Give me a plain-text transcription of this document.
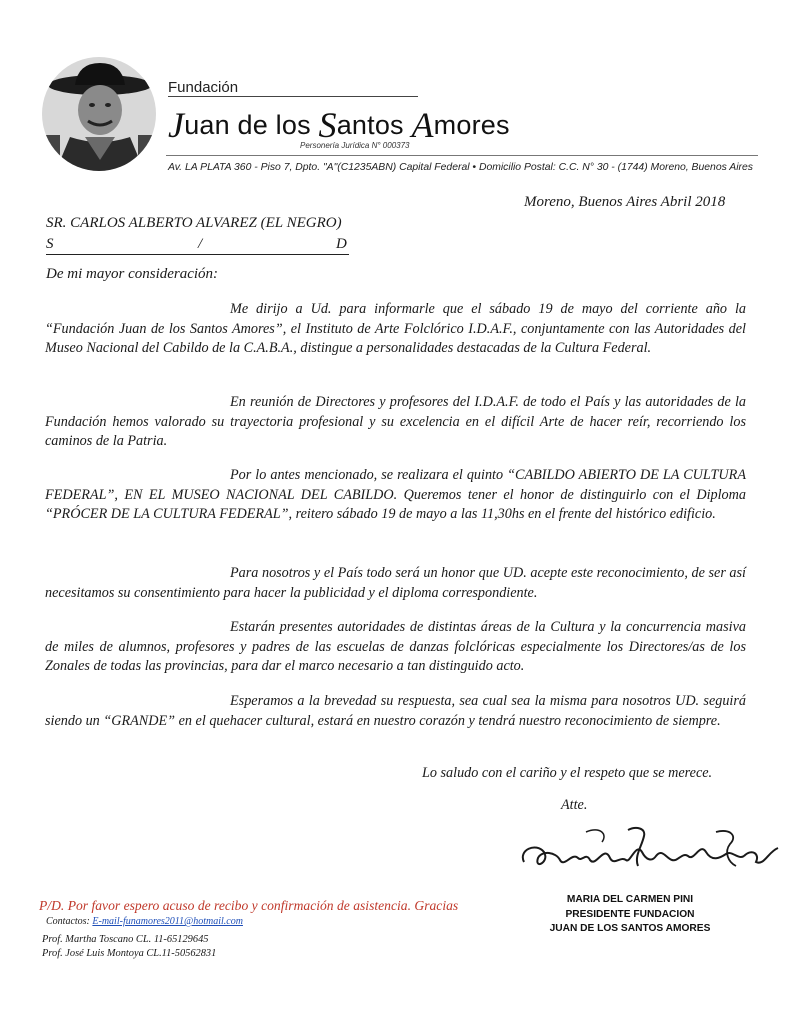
Fundación
Juan de los Santos Amores
Personería Jurídica N° 000373
Av. LA PLATA 360 - Piso 7, Dpto. "A"(C1235ABN) Capital Federal • Domicilio Postal: C.C. N° 30 - (1744) Moreno, Buenos Aires
Moreno, Buenos Aires Abril 2018
SR. CARLOS ALBERTO ALVAREZ (EL NEGRO)
S	/	D
De mi mayor consideración:

Me dirijo a Ud. para informarle que el sábado 19 de mayo del corriente año la “Fundación Juan de los Santos Amores”, el Instituto de Arte Folclórico I.D.A.F., conjuntamente con las Autoridades del Museo Nacional del Cabildo de la C.A.B.A., distingue a personalidades destacadas de la Cultura Federal.

En reunión de Directores y profesores del I.D.A.F. de todo el País y las autoridades de la Fundación hemos valorado su trayectoria profesional y su excelencia en el difícil Arte de hacer reír, recorriendo los caminos de la Patria.

Por lo antes mencionado, se realizara el quinto “CABILDO ABIERTO DE LA CULTURA FEDERAL”, EN EL MUSEO NACIONAL DEL CABILDO. Queremos tener el honor de distinguirlo con el Diploma “PRÓCER DE LA CULTURA FEDERAL”, reitero sábado 19 de mayo a las 11,30hs en el frente del histórico edificio.

Para nosotros y el País todo será un honor que UD. acepte este reconocimiento, de ser así necesitamos su consentimiento para hacer la publicidad y el diploma correspondiente.

Estarán presentes autoridades de distintas áreas de la Cultura y la concurrencia masiva de miles de alumnos, profesores y padres de las escuelas de danzas folclóricas especialmente los Directores/as de los Zonales de todas las provincias, para dar el marco necesario a tan distinguido acto.

Esperamos a la brevedad su respuesta, sea cual sea la misma para nosotros UD. seguirá siendo un “GRANDE” en el quehacer cultural, estará en nuestro corazón y tendrá nuestro reconocimiento de siempre.

Lo saludo con el cariño y el respeto que se merece.
Atte.
MARIA DEL CARMEN PINI
PRESIDENTE FUNDACION
JUAN DE LOS SANTOS AMORES
P/D. Por favor espero acuso de recibo y confirmación de asistencia. Gracias
Contactos: E-mail-funamores2011@hotmail.com
Prof. Martha Toscano CL. 11-65129645
Prof. José Luis Montoya CL.11-50562831
